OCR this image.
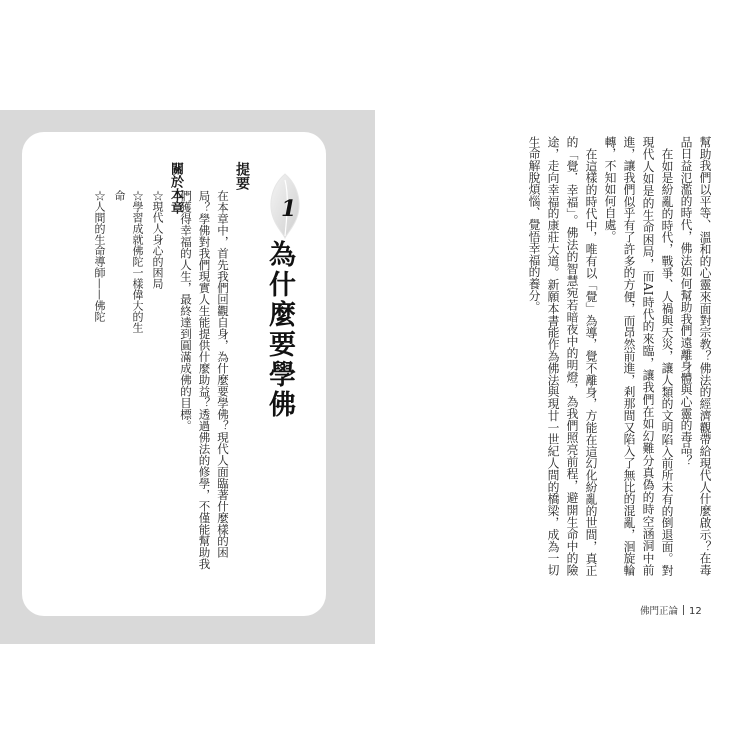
1
為什麼要學佛
提要
在本章中，首先我們回觀自身，為什麼要學佛？現代人面臨著什麼樣的困局？學佛對我們現實人生能提供什麼助益？透過佛法的修學，不僅能幫助我們獲得幸福的人生，最終達到圓滿成佛的目標。
關於本章
☆現代人身心的困局
☆學習成就佛陀一樣偉大的生命
☆人間的生命導師——佛陀	幫助我們以平等、溫和的心靈來面對宗教？佛法的經濟觀帶給現代人什麼啟示？在毒品日益氾濫的時代，佛法如何幫助我們遠離身體與心靈的毒品？

在如是紛亂的時代，戰爭、人禍與天災，讓人類的文明陷入前所未有的倒退面。對現代人如是的生命困局，而AI時代的來臨，讓我們在如幻難分真偽的時空涵洞中前進，讓我們似乎有了許多的方便，而昂然前進，剎那間又陷入了無比的混亂，洄旋輪轉，不知如何自處。

在這樣的時代中，唯有以「覺」為導，覺不離身，方能在這幻化紛亂的世間，真正的「覺．幸福」。佛法的智慧宛若暗夜中的明燈，為我們照亮前程，避開生命中的險途，走向幸福的康莊大道。新願本書能作為佛法與現廿一世紀人間的橋梁，成為一切生命解脫煩惱、覺悟幸福的養分。

佛門正論 12
